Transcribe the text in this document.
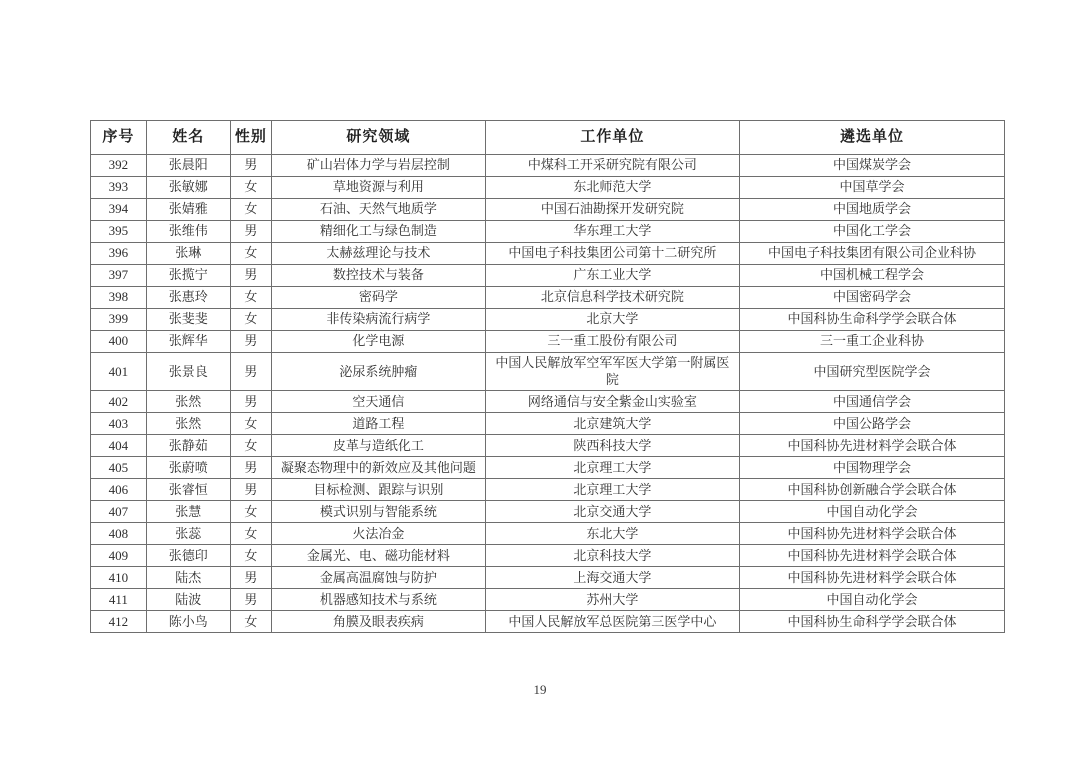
序号	姓名	性别	研究领域	工作单位	遴选单位
392	张晨阳	男	矿山岩体力学与岩层控制	中煤科工开采研究院有限公司	中国煤炭学会
393	张敏娜	女	草地资源与利用	东北师范大学	中国草学会
394	张婧雅	女	石油、天然气地质学	中国石油勘探开发研究院	中国地质学会
395	张维伟	男	精细化工与绿色制造	华东理工大学	中国化工学会
396	张琳	女	太赫兹理论与技术	中国电子科技集团公司第十二研究所	中国电子科技集团有限公司企业科协
397	张揽宁	男	数控技术与装备	广东工业大学	中国机械工程学会
398	张惠玲	女	密码学	北京信息科学技术研究院	中国密码学会
399	张斐斐	女	非传染病流行病学	北京大学	中国科协生命科学学会联合体
400	张辉华	男	化学电源	三一重工股份有限公司	三一重工企业科协
401	张景良	男	泌尿系统肿瘤	中国人民解放军空军军医大学第一附属医院	中国研究型医院学会
402	张然	男	空天通信	网络通信与安全紫金山实验室	中国通信学会
403	张然	女	道路工程	北京建筑大学	中国公路学会
404	张静茹	女	皮革与造纸化工	陕西科技大学	中国科协先进材料学会联合体
405	张蔚喷	男	凝聚态物理中的新效应及其他问题	北京理工大学	中国物理学会
406	张睿恒	男	目标检测、跟踪与识别	北京理工大学	中国科协创新融合学会联合体
407	张慧	女	模式识别与智能系统	北京交通大学	中国自动化学会
408	张蕊	女	火法冶金	东北大学	中国科协先进材料学会联合体
409	张德印	女	金属光、电、磁功能材料	北京科技大学	中国科协先进材料学会联合体
410	陆杰	男	金属高温腐蚀与防护	上海交通大学	中国科协先进材料学会联合体
411	陆波	男	机器感知技术与系统	苏州大学	中国自动化学会
412	陈小鸟	女	角膜及眼表疾病	中国人民解放军总医院第三医学中心	中国科协生命科学学会联合体
19
